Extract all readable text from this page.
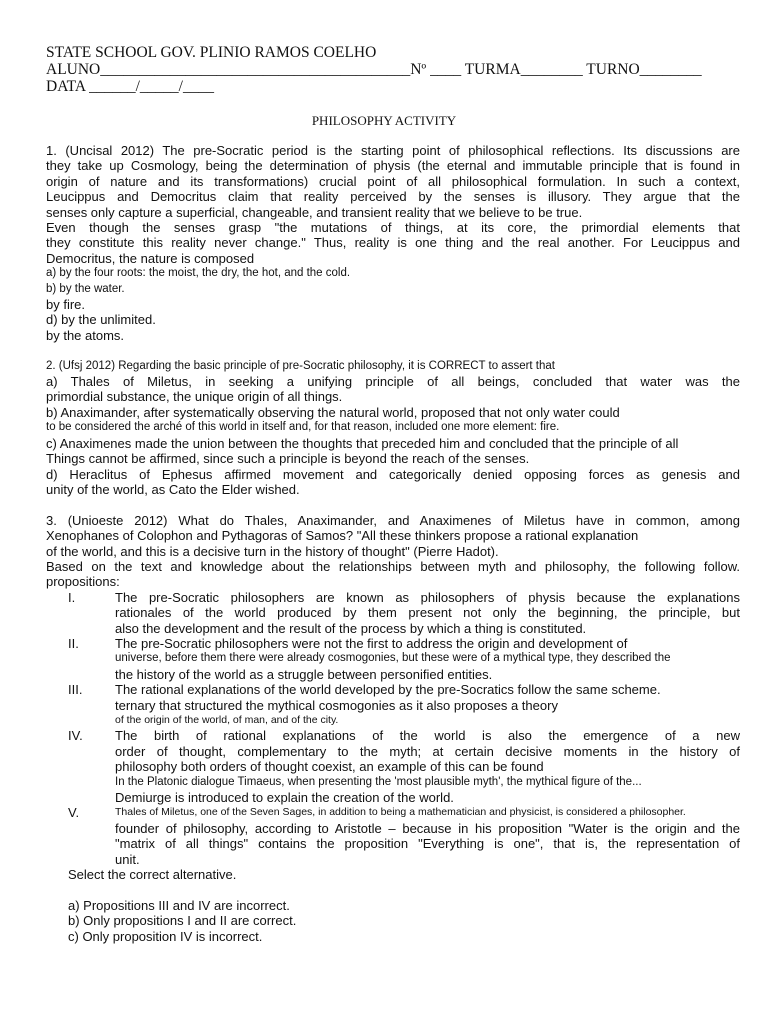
STATE SCHOOL GOV. PLINIO RAMOS COELHO
ALUNO________________________________________Nº ____ TURMA________ TURNO________
DATA ______/_____/____
PHILOSOPHY ACTIVITY

1. (Uncisal 2012) The pre-Socratic period is the starting point of philosophical reflections. Its discussions are

they take up Cosmology, being the determination of physis (the eternal and immutable principle that is found in

origin of nature and its transformations) crucial point of all philosophical formulation. In such a context,

Leucippus and Democritus claim that reality perceived by the senses is illusory. They argue that the

senses only capture a superficial, changeable, and transient reality that we believe to be true.

Even though the senses grasp "the mutations of things, at its core, the primordial elements that

they constitute this reality never change." Thus, reality is one thing and the real another. For Leucippus and

Democritus, the nature is composed

a) by the four roots: the moist, the dry, the hot, and the cold.

b) by the water.

by fire.

d) by the unlimited.

by the atoms.

2. (Ufsj 2012) Regarding the basic principle of pre-Socratic philosophy, it is CORRECT to assert that

a) Thales of Miletus, in seeking a unifying principle of all beings, concluded that water was the

primordial substance, the unique origin of all things.

b) Anaximander, after systematically observing the natural world, proposed that not only water could

to be considered the arché of this world in itself and, for that reason, included one more element: fire.

c) Anaximenes made the union between the thoughts that preceded him and concluded that the principle of all

Things cannot be affirmed, since such a principle is beyond the reach of the senses.

d) Heraclitus of Ephesus affirmed movement and categorically denied opposing forces as genesis and

unity of the world, as Cato the Elder wished.

3. (Unioeste 2012) What do Thales, Anaximander, and Anaximenes of Miletus have in common, among

Xenophanes of Colophon and Pythagoras of Samos? "All these thinkers propose a rational explanation

of the world, and this is a decisive turn in the history of thought" (Pierre Hadot).

Based on the text and knowledge about the relationships between myth and philosophy, the following follow.

propositions:

I.	The pre-Socratic philosophers are known as philosophers of physis because the explanations

rationales of the world produced by them present not only the beginning, the principle, but

also the development and the result of the process by which a thing is constituted.

II.	The pre-Socratic philosophers were not the first to address the origin and development of

universe, before them there were already cosmogonies, but these were of a mythical type, they described the

the history of the world as a struggle between personified entities.

III.	The rational explanations of the world developed by the pre-Socratics follow the same scheme.

ternary that structured the mythical cosmogonies as it also proposes a theory

of the origin of the world, of man, and of the city.

IV. The birth of rational explanations of the world is also the emergence of a new

order of thought, complementary to the myth; at certain decisive moments in the history of

philosophy both orders of thought coexist, an example of this can be found

In the Platonic dialogue Timaeus, when presenting the 'most plausible myth', the mythical figure of the...

Demiurge is introduced to explain the creation of the world.

V.	Thales of Miletus, one of the Seven Sages, in addition to being a mathematician and physicist, is considered a philosopher.

founder of philosophy, according to Aristotle – because in his proposition "Water is the origin and the

"matrix of all things" contains the proposition "Everything is one", that is, the representation of

unit.

Select the correct alternative.

a) Propositions III and IV are incorrect.

b) Only propositions I and II are correct.

c) Only proposition IV is incorrect.
